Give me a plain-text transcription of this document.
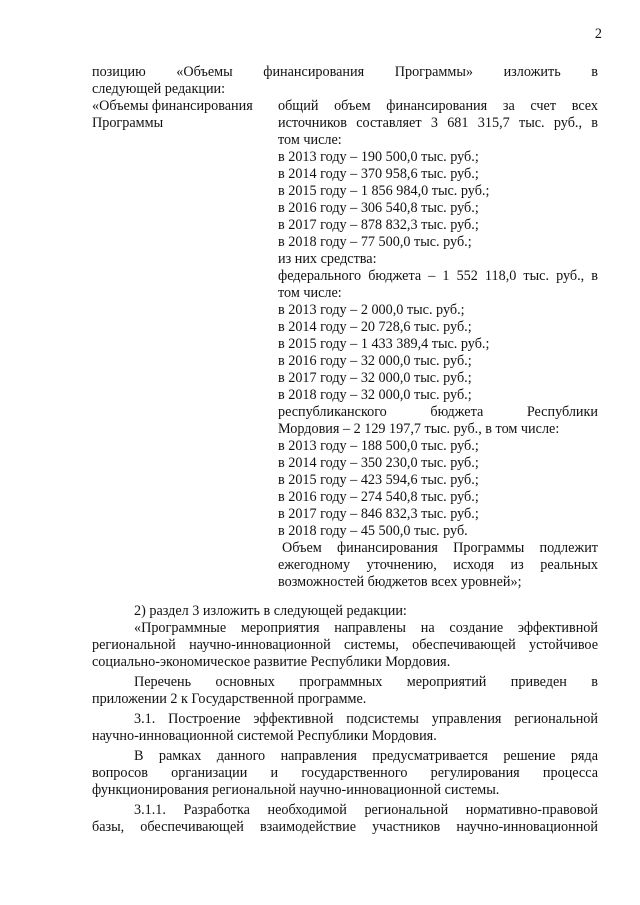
2
позицию «Объемы финансирования Программы» изложить в
следующей редакции:
«Объемы финансирования
Программы
общий объем финансирования за счет всех
источников составляет 3 681 315,7 тыс. руб., в
том числе:
в 2013 году – 190 500,0 тыс. руб.;
в 2014 году – 370 958,6 тыс. руб.;
в 2015 году – 1 856 984,0 тыс. руб.;
в 2016 году – 306 540,8 тыс. руб.;
в 2017 году – 878 832,3 тыс. руб.;
в 2018 году – 77 500,0 тыс. руб.;
из них средства:
федерального бюджета – 1 552 118,0 тыс. руб., в
том числе:
в 2013 году – 2 000,0 тыс. руб.;
в 2014 году – 20 728,6 тыс. руб.;
в 2015 году – 1 433 389,4 тыс. руб.;
в 2016 году – 32 000,0 тыс. руб.;
в 2017 году – 32 000,0 тыс. руб.;
в 2018 году – 32 000,0 тыс. руб.;
республиканского бюджета Республики
Мордовия – 2 129 197,7 тыс. руб., в том числе:
в 2013 году – 188 500,0 тыс. руб.;
в 2014 году – 350 230,0 тыс. руб.;
в 2015 году – 423 594,6 тыс. руб.;
в 2016 году – 274 540,8 тыс. руб.;
в 2017 году – 846 832,3 тыс. руб.;
в 2018 году – 45 500,0 тыс. руб.
Объем финансирования Программы подлежит
ежегодному уточнению, исходя из реальных
возможностей бюджетов всех уровней»;
2) раздел 3 изложить в следующей редакции:
«Программные мероприятия направлены на создание эффективной
региональной научно-инновационной системы, обеспечивающей устойчивое
социально-экономическое развитие Республики Мордовия.
Перечень основных программных мероприятий приведен в
приложении 2 к Государственной программе.
3.1. Построение эффективной подсистемы управления региональной
научно-инновационной системой Республики Мордовия.
В рамках данного направления предусматривается решение ряда
вопросов организации и государственного регулирования процесса
функционирования региональной научно-инновационной системы.
3.1.1. Разработка необходимой региональной нормативно-правовой
базы, обеспечивающей взаимодействие участников научно-инновационной
